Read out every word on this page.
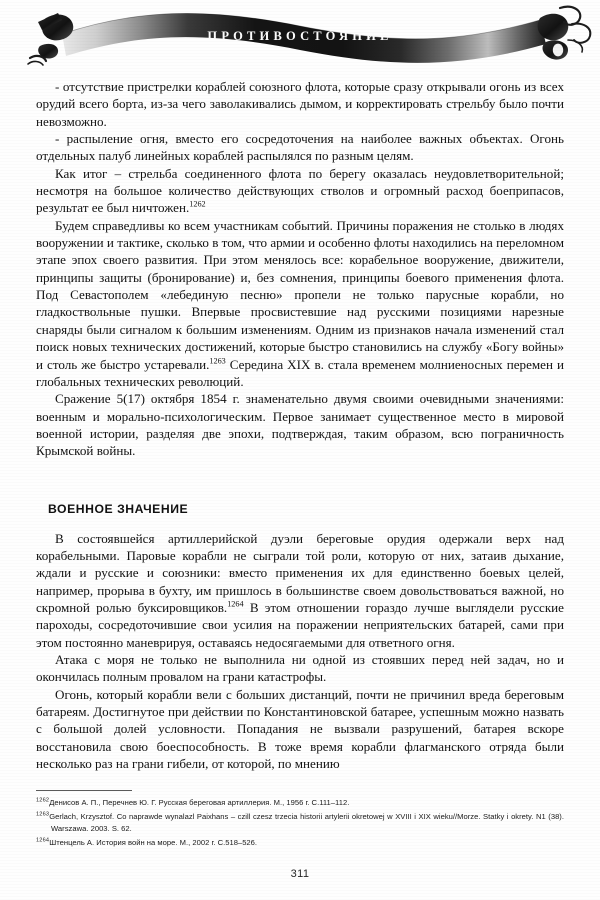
ПРОТИВОСТОЯНИЕ

- отсутствие пристрелки кораблей союзного флота, которые сразу открывали огонь из всех орудий всего борта, из-за чего заволакивались дымом, и корректировать стрельбу было почти невозможно.

- распыление огня, вместо его сосредоточения на наиболее важных объектах. Огонь отдельных палуб линейных кораблей распылялся по разным целям.

Как итог – стрельба соединенного флота по берегу оказалась неудовлетворительной; несмотря на большое количество действующих стволов и огромный расход боеприпасов, результат ее был ничтожен.$^{1262}$

Будем справедливы ко всем участникам событий. Причины поражения не столько в людях вооружении и тактике, сколько в том, что армии и особенно флоты находились на переломном этапе эпох своего развития. При этом менялось все: корабельное вооружение, движители, принципы защиты (бронирование) и, без сомнения, принципы боевого применения флота. Под Севастополем «лебединую песню» пропели не только парусные корабли, но гладкоствольные пушки. Впервые просвистевшие над русскими позициями нарезные снаряды были сигналом к большим изменениям. Одним из признаков начала изменений стал поиск новых технических достижений, которые быстро становились на службу «Богу войны» и столь же быстро устаревали.$^{1263}$ Середина XIX в. стала временем молниеносных перемен и глобальных технических революций.

Сражение 5(17) октября 1854 г. знаменательно двумя своими очевидными значениями: военным и морально-психологическим. Первое занимает существенное место в мировой военной истории, разделяя две эпохи, подтверждая, таким образом, всю пограничность Крымской войны.

ВОЕННОЕ ЗНАЧЕНИЕ

В состоявшейся артиллерийской дуэли береговые орудия одержали верх над корабельными. Паровые корабли не сыграли той роли, которую от них, затаив дыхание, ждали и русские и союзники: вместо применения их для единственно боевых целей, например, прорыва в бухту, им пришлось в большинстве своем довольствоваться важной, но скромной ролью буксировщиков.$^{1264}$ В этом отношении гораздо лучше выглядели русские пароходы, сосредоточившие свои усилия на поражении неприятельских батарей, сами при этом постоянно маневрируя, оставаясь недосягаемыми для ответного огня.

Атака с моря не только не выполнила ни одной из стоявших перед ней задач, но и окончилась полным провалом на грани катастрофы.

Огонь, который корабли вели с больших дистанций, почти не причинил вреда береговым батареям. Достигнутое при действии по Константиновской батарее, успешным можно назвать с большой долей условности. Попадания не вызвали разрушений, батарея вскоре восстановила свою боеспособность. В тоже время корабли флагманского отряда были несколько раз на грани гибели, от которой, по мнению

$^{1262}$Денисов А. П., Перечнев Ю. Г. Русская береговая артиллерия. М., 1956 г. С.111–112.

$^{1263}$Gerlach, Krzysztof. Co naprawde wynalazl Paixhans – czill czesz trzecia historii artylerii okretowej w XVIII i XIX wieku//Morze. Statky i okrety. N1 (38). Warszawa. 2003. S. 62.

$^{1264}$Штенцель А. История войн на море. М., 2002 г. С.518–526.

311
